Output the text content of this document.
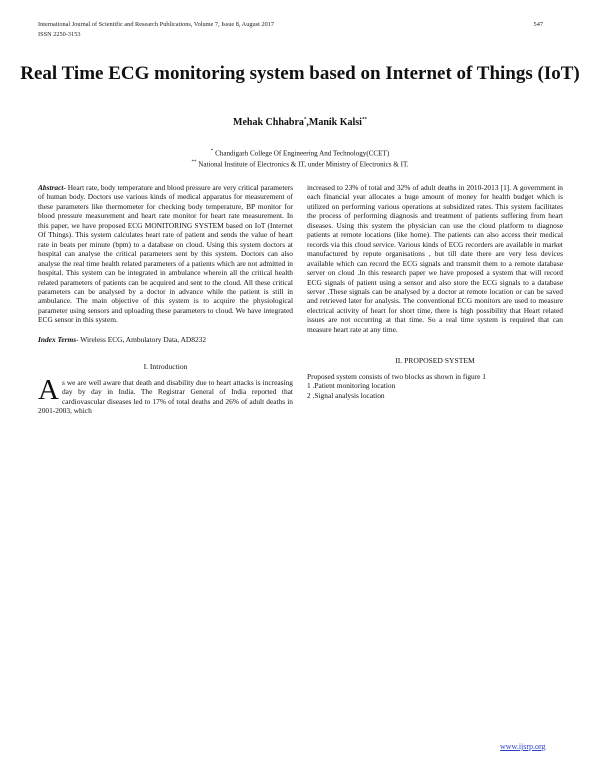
International Journal of Scientific and Research Publications, Volume 7, Issue 8, August 2017	547
ISSN 2250-3153
Real Time ECG monitoring system based on Internet of Things (IoT)
Mehak Chhabra*,Manik Kalsi**
* Chandigarh College Of Engineering And Technology(CCET)
** National Institute of Electronics & IT, under Ministry of Electronics & IT.

Abstract- Heart rate, body temperature and blood pressure are very critical parameters of human body. Doctors use various kinds of medical apparatus for measurement of these parameters like thermometer for checking body temperature, BP monitor for blood pressure measurement and heart rate monitor for heart rate measurement. In this paper, we have proposed ECG MONITORING SYSTEM based on IoT (Internet Of Things). This system calculates heart rate of patient and sends the value of heart rate in beats per minute (bpm) to a database on cloud. Using this system doctors at hospital can analyse the critical parameters sent by this system. Doctors can also analyse the real time health related parameters of a patients which are not admitted in hospital. This system can be integrated in ambulance wherein all the critical health related parameters of patients can be acquired and sent to the cloud. All these critical parameters can be analysed by a doctor in advance while the patient is still in ambulance. The main objective of this system is to acquire the physiological parameter using sensors and uploading these parameters to cloud. We have integrated ECG sensor in this system.

Index Terms- Wireless ECG, Ambulatory Data, AD8232

I. Introduction

As we are well aware that death and disability due to heart attacks is increasing day by day in India. The Registrar General of India reported that cardiovascular diseases led to 17% of total deaths and 26% of adult deaths in 2001-2003, which

increased to 23% of total and 32% of adult deaths in 2010-2013 [1]. A government in each financial year allocates a huge amount of money for health budget which is utilized on performing various operations at subsidized rates. This system facilitates the process of performing diagnosis and treatment of patients suffering from heart diseases. Using this system the physician can use the cloud platform to diagnose patients at remote locations (like home). The patients can also access their medical records via this cloud service. Various kinds of ECG recorders are available in market manufactured by repute organisations , but till date there are very less devices available which can record the ECG signals and transmit them to a remote database server on cloud .In this research paper we have proposed a system that will record ECG signals of patient using a sensor and also store the ECG signals to a database server .These signals can be analysed by a doctor at remote location or can be saved and retrieved later for analysis. The conventional ECG monitors are used to measure electrical activity of heart for short time, there is high possibility that Heart related issues are not occurring at that time. So a real time system is required that can measure heart rate at any time.

II. PROPOSED SYSTEM

Proposed system consists of two blocks as shown in figure 1

1 .Patient monitoring location

2 .Signal analysis location

www.ijsrp.org
